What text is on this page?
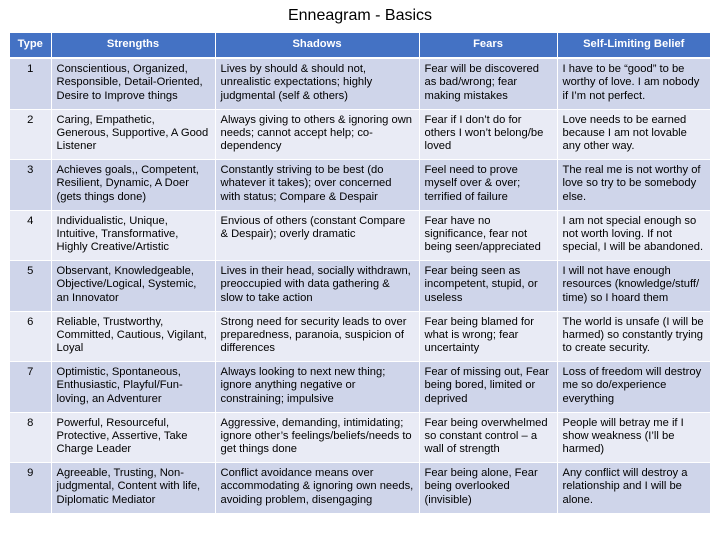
Enneagram - Basics
Type	Strengths	Shadows	Fears	Self-Limiting Belief
1	Conscientious, Organized, Responsible, Detail-Oriented, Desire to Improve things	Lives by should & should not, unrealistic expectations; highly judgmental (self & others)	Fear will be discovered as bad/wrong; fear making mistakes	I have to be “good” to be worthy of love. I am nobody if I’m not perfect.
2	Caring, Empathetic, Generous, Supportive, A Good Listener	Always giving to others & ignoring own needs; cannot accept help; co-dependency	Fear if I don’t do for others I won’t belong/be loved	Love needs to be earned because I am not lovable any other way.
3	Achieves goals,, Competent, Resilient, Dynamic, A Doer (gets things done)	Constantly striving to be best (do whatever it takes); over concerned with status; Compare & Despair	Feel need to prove myself over & over; terrified of failure	The real me is not worthy of love so try to be somebody else.
4	Individualistic, Unique, Intuitive, Transformative, Highly Creative/Artistic	Envious of others (constant Compare & Despair); overly dramatic	Fear have no significance, fear not being seen/appreciated	I am not special enough so not worth loving. If not special, I will be abandoned.
5	Observant, Knowledgeable, Objective/Logical, Systemic, an Innovator	Lives in their head, socially withdrawn, preoccupied with data gathering & slow to take action	Fear being seen as incompetent, stupid, or useless	I will not have enough resources (knowledge/stuff/ time) so I hoard them
6	Reliable, Trustworthy, Committed, Cautious, Vigilant, Loyal	Strong need for security leads to over preparedness, paranoia, suspicion of differences	Fear being blamed for what is wrong; fear uncertainty	The world is unsafe (I will be harmed) so constantly trying to create security.
7	Optimistic, Spontaneous, Enthusiastic, Playful/Fun-loving, an Adventurer	Always looking to next new thing; ignore anything negative or constraining; impulsive	Fear of missing out, Fear being bored, limited or deprived	Loss of freedom will destroy me so do/experience everything
8	Powerful, Resourceful, Protective, Assertive, Take Charge Leader	Aggressive, demanding, intimidating; ignore other’s feelings/beliefs/needs to get things done	Fear being overwhelmed so constant control – a wall of strength	People will betray me if I show weakness (I’ll be harmed)
9	Agreeable, Trusting, Non-judgmental, Content with life, Diplomatic Mediator	Conflict avoidance means over accommodating & ignoring own needs, avoiding problem, disengaging	Fear being alone, Fear being overlooked (invisible)	Any conflict will destroy a relationship and I will be alone.
